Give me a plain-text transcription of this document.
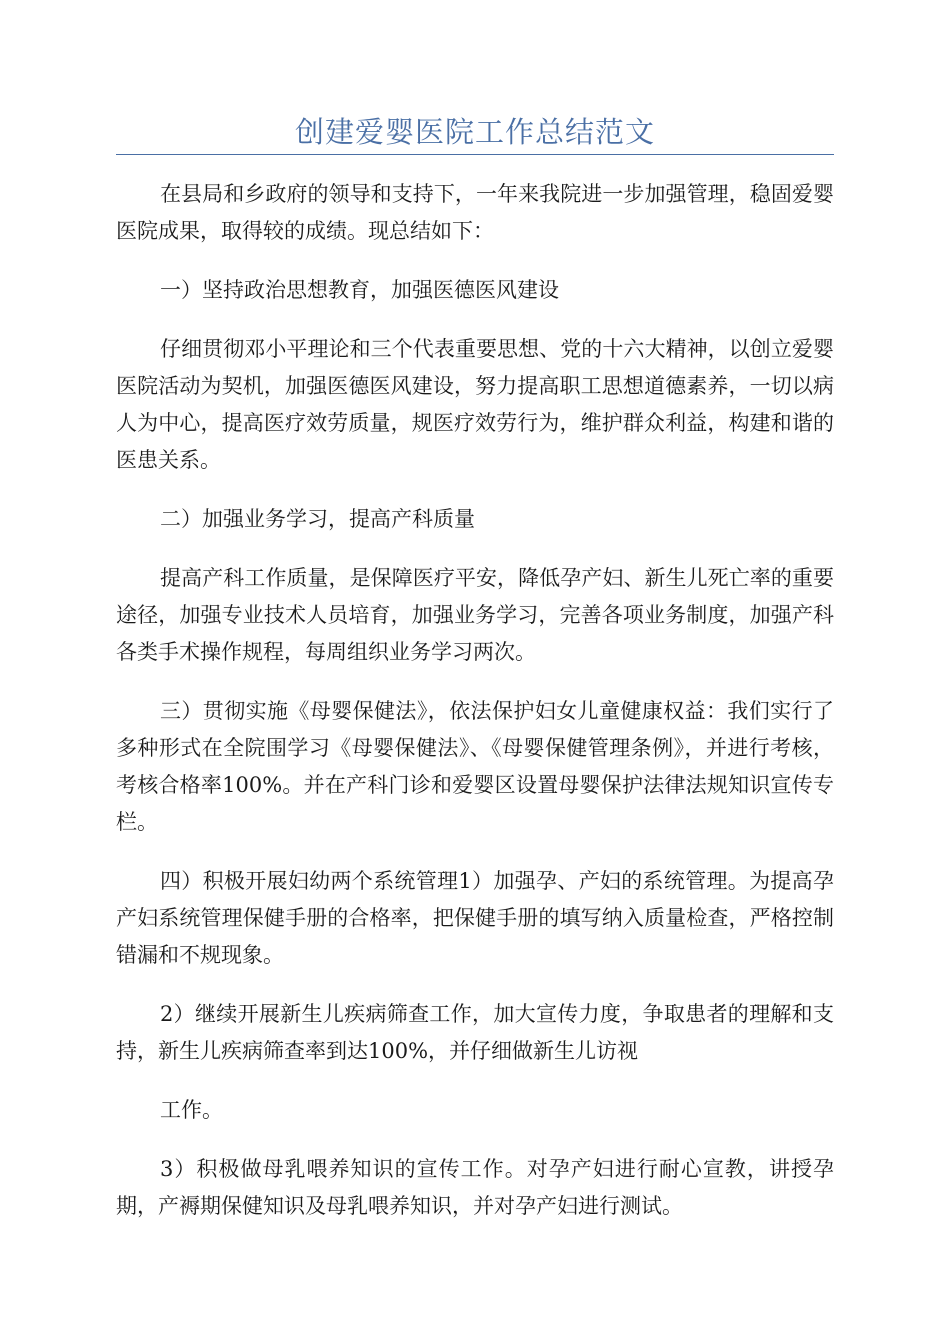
创建爱婴医院工作总结范文

在县局和乡政府的领导和支持下，一年来我院进一步加强管理，稳固爱婴医院成果，取得较的成绩。现总结如下：

一）坚持政治思想教育，加强医德医风建设

仔细贯彻邓小平理论和三个代表重要思想、党的十六大精神，以创立爱婴医院活动为契机，加强医德医风建设，努力提高职工思想道德素养，一切以病人为中心，提高医疗效劳质量，规医疗效劳行为，维护群众利益，构建和谐的医患关系。

二）加强业务学习，提高产科质量

提高产科工作质量，是保障医疗平安，降低孕产妇、新生儿死亡率的重要途径，加强专业技术人员培育，加强业务学习，完善各项业务制度，加强产科各类手术操作规程，每周组织业务学习两次。

三）贯彻实施《母婴保健法》，依法保护妇女儿童健康权益：我们实行了多种形式在全院围学习《母婴保健法》、《母婴保健管理条例》，并进行考核，考核合格率100%。并在产科门诊和爱婴区设置母婴保护法律法规知识宣传专栏。

四）积极开展妇幼两个系统管理1）加强孕、产妇的系统管理。为提高孕产妇系统管理保健手册的合格率，把保健手册的填写纳入质量检查，严格控制错漏和不规现象。

2）继续开展新生儿疾病筛查工作，加大宣传力度，争取患者的理解和支持，新生儿疾病筛查率到达100%，并仔细做新生儿访视

工作。

3）积极做母乳喂养知识的宣传工作。对孕产妇进行耐心宣教，讲授孕期，产褥期保健知识及母乳喂养知识，并对孕产妇进行测试。
